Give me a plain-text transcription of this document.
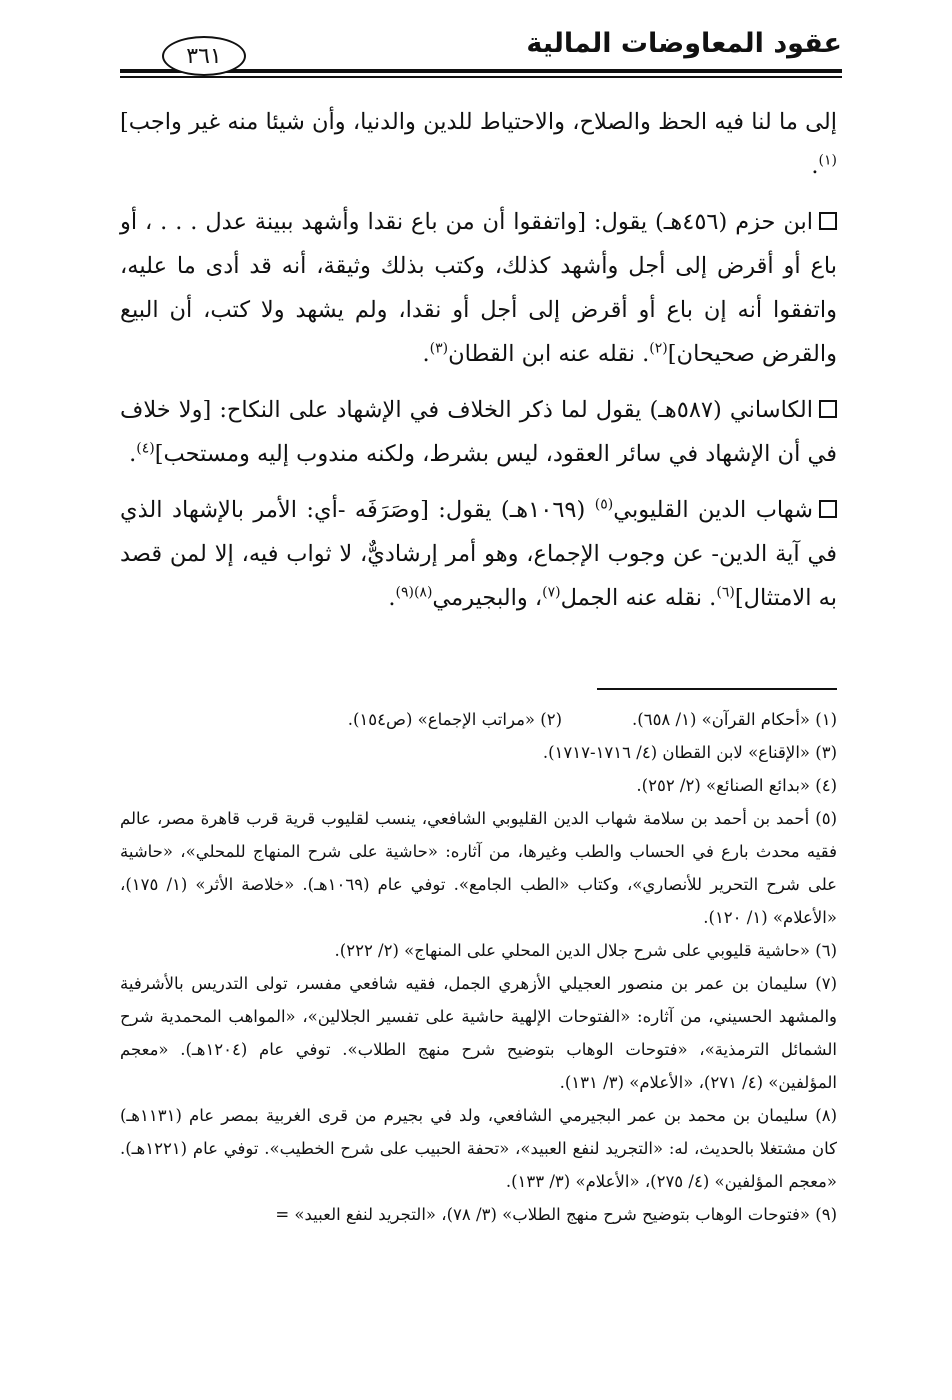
عقود المعاوضات المالية
٣٦١

إلى ما لنا فيه الحظ والصلاح، والاحتياط للدين والدنيا، وأن شيئا منه غير واجب]$^{(١)}$.

ابن حزم (٤٥٦هـ) يقول: [واتفقوا أن من باع نقدا وأشهد ببينة عدل . . . ، أو باع أو أقرض إلى أجل وأشهد كذلك، وكتب بذلك وثيقة، أنه قد أدى ما عليه، واتفقوا أنه إن باع أو أقرض إلى أجل أو نقدا، ولم يشهد ولا كتب، أن البيع والقرض صحيحان]$^{(٢)}$. نقله عنه ابن القطان$^{(٣)}$.

الكاساني (٥٨٧هـ) يقول لما ذكر الخلاف في الإشهاد على النكاح: [ولا خلاف في أن الإشهاد في سائر العقود، ليس بشرط، ولكنه مندوب إليه ومستحب]$^{(٤)}$.

شهاب الدين القليوبي$^{(٥)}$ (١٠٦٩هـ) يقول: [وصَرَفَه -أي: الأمر بالإشهاد الذي في آية الدين- عن وجوب الإجماع، وهو أمر إرشاديٌّ، لا ثواب فيه، إلا لمن قصد به الامتثال]$^{(٦)}$. نقله عنه الجمل$^{(٧)}$، والبجيرمي$^{(٨)(٩)}$.

(١) «أحكام القرآن» (١/ ٦٥٨).
(٢) «مراتب الإجماع» (ص١٥٤).

(٣) «الإقناع» لابن القطان (٤/ ١٧١٦-١٧١٧).

(٤) «بدائع الصنائع» (٢/ ٢٥٢).

(٥) أحمد بن أحمد بن سلامة شهاب الدين القليوبي الشافعي، ينسب لقليوب قرية قرب قاهرة مصر، عالم فقيه محدث بارع في الحساب والطب وغيرها، من آثاره: «حاشية على شرح المنهاج للمحلي»، «حاشية على شرح التحرير للأنصاري»، وكتاب «الطب الجامع». توفي عام (١٠٦٩هـ). «خلاصة الأثر» (١/ ١٧٥)، «الأعلام» (١/ ١٢٠).

(٦) «حاشية قليوبي على شرح جلال الدين المحلي على المنهاج» (٢/ ٢٢٢).

(٧) سليمان بن عمر بن منصور العجيلي الأزهري الجمل، فقيه شافعي مفسر، تولى التدريس بالأشرفية والمشهد الحسيني، من آثاره: «الفتوحات الإلهية حاشية على تفسير الجلالين»، «المواهب المحمدية شرح الشمائل الترمذية»، «فتوحات الوهاب بتوضيح شرح منهج الطلاب». توفي عام (١٢٠٤هـ). «معجم المؤلفين» (٤/ ٢٧١)، «الأعلام» (٣/ ١٣١).

(٨) سليمان بن محمد بن عمر البجيرمي الشافعي، ولد في بجيرم من قرى الغربية بمصر عام (١١٣١هـ) كان مشتغلا بالحديث، له: «التجريد لنفع العبيد»، «تحفة الحبيب على شرح الخطيب». توفي عام (١٢٢١هـ). «معجم المؤلفين» (٤/ ٢٧٥)، «الأعلام» (٣/ ١٣٣).

(٩) «فتوحات الوهاب بتوضيح شرح منهج الطلاب» (٣/ ٧٨)، «التجريد لنفع العبيد» =
